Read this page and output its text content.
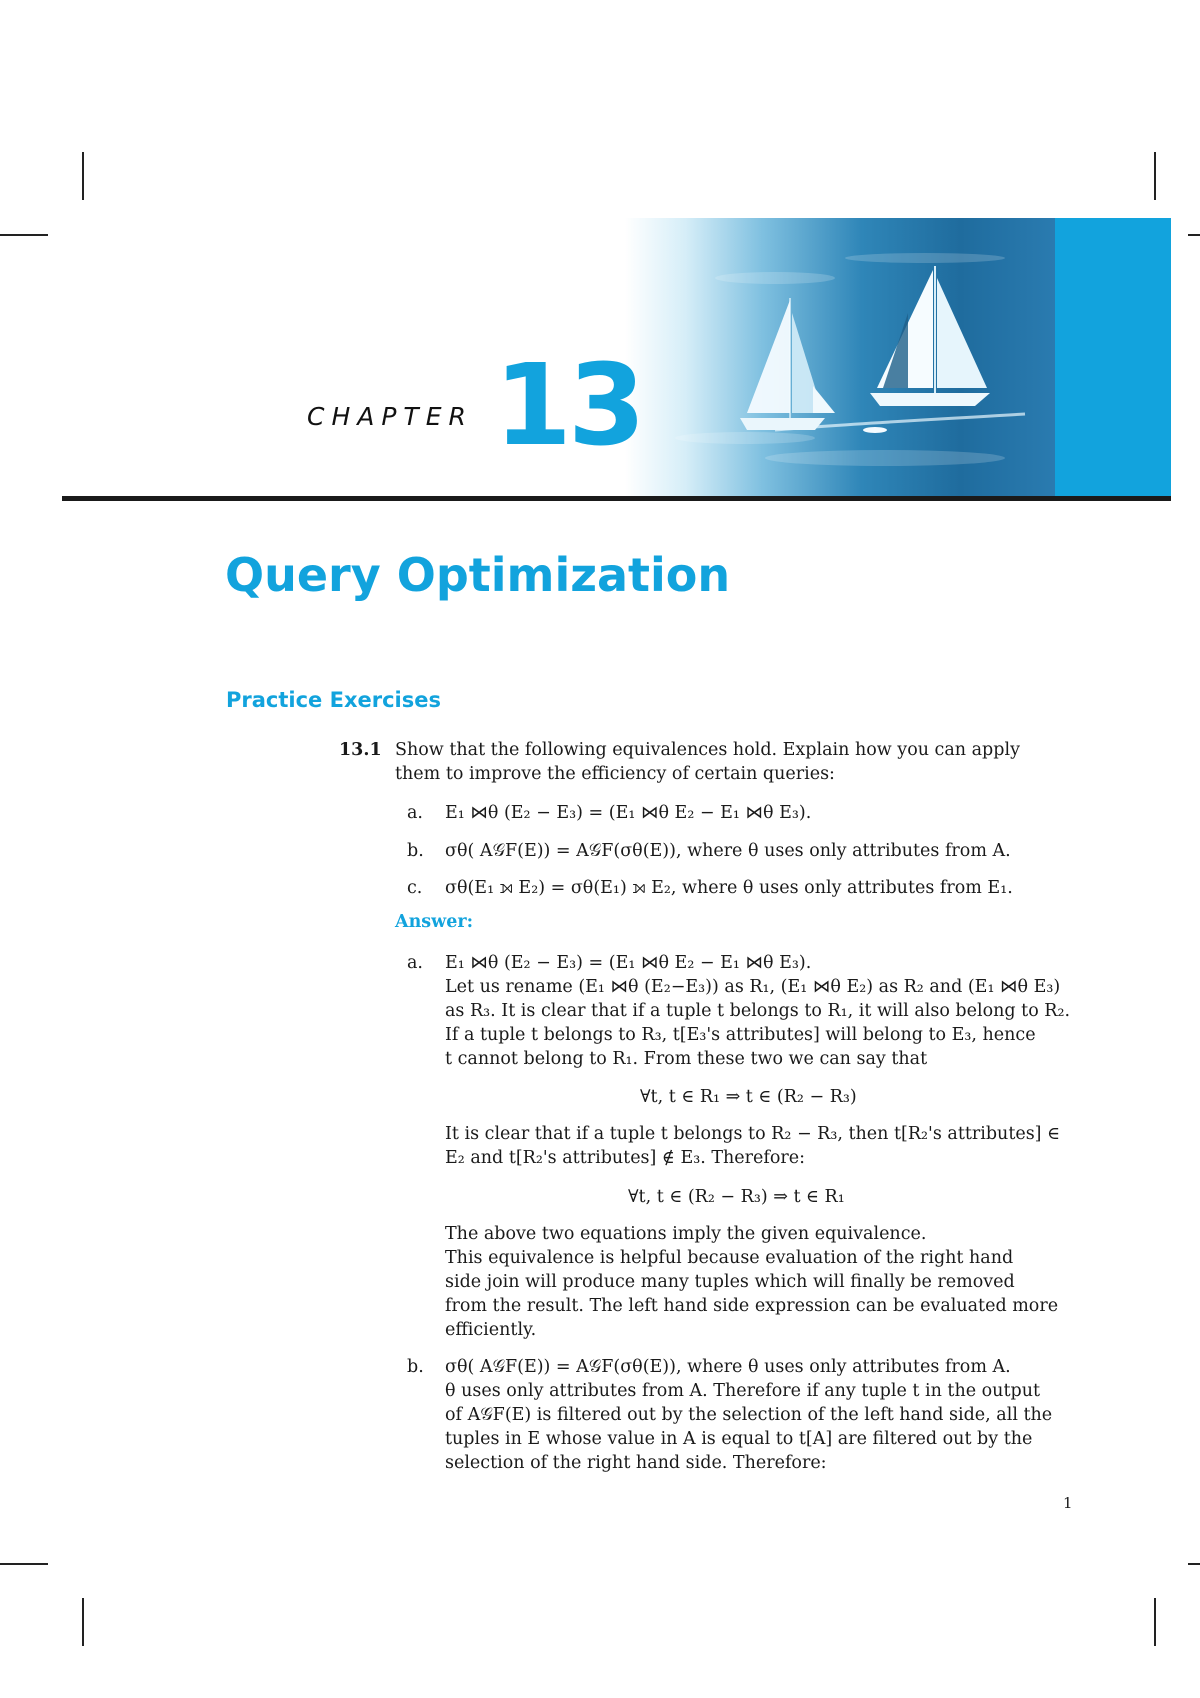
CHAPTER 13
Query Optimization
Practice Exercises
13.1 Show that the following equivalences hold. Explain how you can apply
them to improve the efficiency of certain queries:
a. E₁ ⋈θ (E₂ − E₃) = (E₁ ⋈θ E₂ − E₁ ⋈θ E₃).
b. σθ( A𝒢F(E)) = A𝒢F(σθ(E)), where θ uses only attributes from A.
c. σθ(E₁ ⟕ E₂) = σθ(E₁) ⟕ E₂, where θ uses only attributes from E₁.
Answer:
a. E₁ ⋈θ (E₂ − E₃) = (E₁ ⋈θ E₂ − E₁ ⋈θ E₃).
Let us rename (E₁ ⋈θ (E₂−E₃)) as R₁, (E₁ ⋈θ E₂) as R₂ and (E₁ ⋈θ E₃)
as R₃. It is clear that if a tuple t belongs to R₁, it will also belong to R₂.
If a tuple t belongs to R₃, t[E₃'s attributes] will belong to E₃, hence
t cannot belong to R₁. From these two we can say that
∀t, t ∈ R₁ ⇒ t ∈ (R₂ − R₃)
It is clear that if a tuple t belongs to R₂ − R₃, then t[R₂'s attributes] ∈
E₂ and t[R₂'s attributes] ∉ E₃. Therefore:
∀t, t ∈ (R₂ − R₃) ⇒ t ∈ R₁
The above two equations imply the given equivalence.
This equivalence is helpful because evaluation of the right hand
side join will produce many tuples which will finally be removed
from the result. The left hand side expression can be evaluated more
efficiently.
b. σθ( A𝒢F(E)) = A𝒢F(σθ(E)), where θ uses only attributes from A.
θ uses only attributes from A. Therefore if any tuple t in the output
of A𝒢F(E) is filtered out by the selection of the left hand side, all the
tuples in E whose value in A is equal to t[A] are filtered out by the
selection of the right hand side. Therefore:
1
